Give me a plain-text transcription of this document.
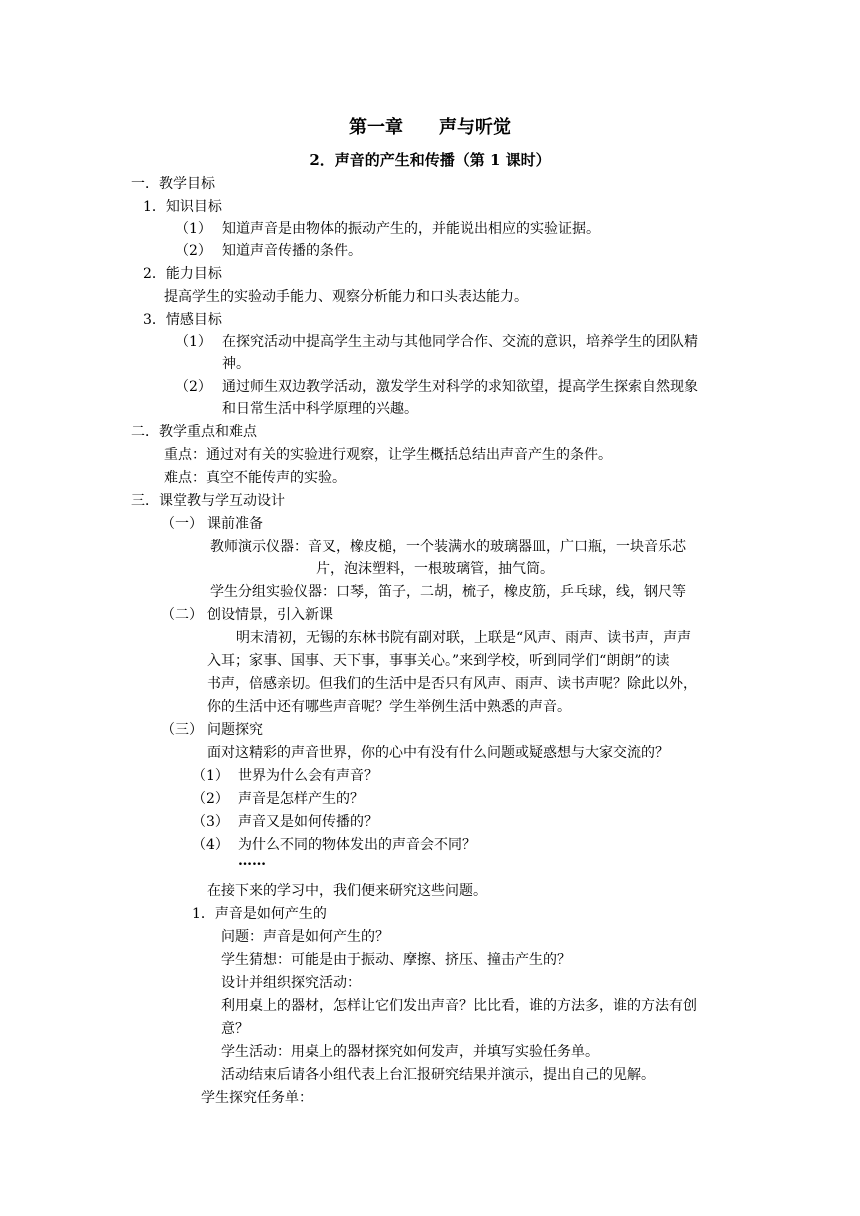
第一章　　声与听觉
2．声音的产生和传播（第 1 课时）
一．教学目标
1．知识目标
（1） 知道声音是由物体的振动产生的，并能说出相应的实验证据。
（2） 知道声音传播的条件。
2．能力目标
提高学生的实验动手能力、观察分析能力和口头表达能力。
3．情感目标
（1） 在探究活动中提高学生主动与其他同学合作、交流的意识，培养学生的团队精
神。
（2） 通过师生双边教学活动，激发学生对科学的求知欲望，提高学生探索自然现象
和日常生活中科学原理的兴趣。
二．教学重点和难点
重点：通过对有关的实验进行观察，让学生概括总结出声音产生的条件。
难点：真空不能传声的实验。
三．课堂教与学互动设计
（一） 课前准备
教师演示仪器：音叉，橡皮槌，一个装满水的玻璃器皿，广口瓶，一块音乐芯
片，泡沫塑料，一根玻璃管，抽气筒。
学生分组实验仪器：口琴，笛子，二胡，梳子，橡皮筋，乒乓球，线，钢尺等
（二） 创设情景，引入新课
明末清初，无锡的东林书院有副对联，上联是“风声、雨声、读书声，声声
入耳；家事、国事、天下事，事事关心。”来到学校，听到同学们“朗朗”的读
书声，倍感亲切。但我们的生活中是否只有风声、雨声、读书声呢？除此以外，
你的生活中还有哪些声音呢？学生举例生活中熟悉的声音。
（三） 问题探究
面对这精彩的声音世界，你的心中有没有什么问题或疑惑想与大家交流的？
（1） 世界为什么会有声音？
（2） 声音是怎样产生的？
（3） 声音又是如何传播的？
（4） 为什么不同的物体发出的声音会不同？
……
在接下来的学习中，我们便来研究这些问题。
1．声音是如何产生的
问题：声音是如何产生的？
学生猜想：可能是由于振动、摩擦、挤压、撞击产生的？
设计并组织探究活动：
利用桌上的器材，怎样让它们发出声音？比比看，谁的方法多，谁的方法有创
意？
学生活动：用桌上的器材探究如何发声，并填写实验任务单。
活动结束后请各小组代表上台汇报研究结果并演示，提出自己的见解。
学生探究任务单：
